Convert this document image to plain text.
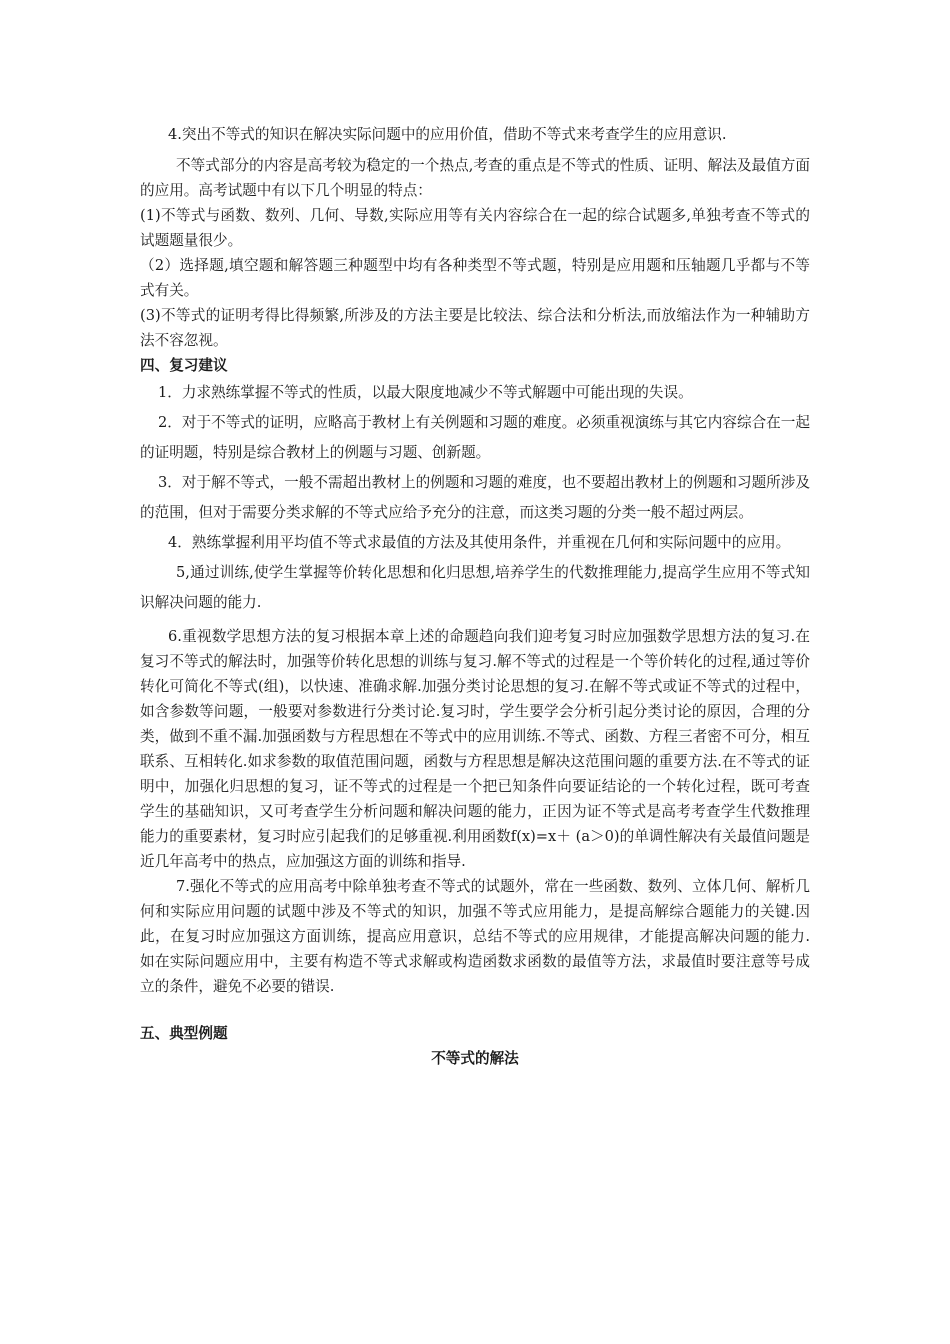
4.突出不等式的知识在解决实际问题中的应用价值，借助不等式来考查学生的应用意识.

不等式部分的内容是高考较为稳定的一个热点,考查的重点是不等式的性质、证明、解法及最值方面的应用。高考试题中有以下几个明显的特点：

(1)不等式与函数、数列、几何、导数,实际应用等有关内容综合在一起的综合试题多,单独考查不等式的试题题量很少。

（2）选择题,填空题和解答题三种题型中均有各种类型不等式题，特别是应用题和压轴题几乎都与不等式有关。

(3)不等式的证明考得比得频繁,所涉及的方法主要是比较法、综合法和分析法,而放缩法作为一种辅助方法不容忽视。

四、复习建议

1．力求熟练掌握不等式的性质，以最大限度地减少不等式解题中可能出现的失误。

2．对于不等式的证明，应略高于教材上有关例题和习题的难度。必须重视演练与其它内容综合在一起的证明题，特别是综合教材上的例题与习题、创新题。

3．对于解不等式，一般不需超出教材上的例题和习题的难度，也不要超出教材上的例题和习题所涉及的范围，但对于需要分类求解的不等式应给予充分的注意，而这类习题的分类一般不超过两层。

4．熟练掌握利用平均值不等式求最值的方法及其使用条件，并重视在几何和实际问题中的应用。

5,通过训练,使学生掌握等价转化思想和化归思想,培养学生的代数推理能力,提高学生应用不等式知识解决问题的能力.

6.重视数学思想方法的复习根据本章上述的命题趋向我们迎考复习时应加强数学思想方法的复习.在复习不等式的解法时，加强等价转化思想的训练与复习.解不等式的过程是一个等价转化的过程,通过等价转化可简化不等式(组)，以快速、准确求解.加强分类讨论思想的复习.在解不等式或证不等式的过程中，如含参数等问题，一般要对参数进行分类讨论.复习时，学生要学会分析引起分类讨论的原因，合理的分类，做到不重不漏.加强函数与方程思想在不等式中的应用训练.不等式、函数、方程三者密不可分，相互联系、互相转化.如求参数的取值范围问题，函数与方程思想是解决这范围问题的重要方法.在不等式的证明中，加强化归思想的复习，证不等式的过程是一个把已知条件向要证结论的一个转化过程，既可考查学生的基础知识，又可考查学生分析问题和解决问题的能力，正因为证不等式是高考考查学生代数推理能力的重要素材，复习时应引起我们的足够重视.利用函数f(x)=x＋ (a＞0)的单调性解决有关最值问题是近几年高考中的热点，应加强这方面的训练和指导.

7.强化不等式的应用高考中除单独考查不等式的试题外，常在一些函数、数列、立体几何、解析几何和实际应用问题的试题中涉及不等式的知识，加强不等式应用能力，是提高解综合题能力的关键.因此，在复习时应加强这方面训练，提高应用意识，总结不等式的应用规律，才能提高解决问题的能力.　　如在实际问题应用中，主要有构造不等式求解或构造函数求函数的最值等方法，求最值时要注意等号成立的条件，避免不必要的错误.

五、典型例题

不等式的解法
